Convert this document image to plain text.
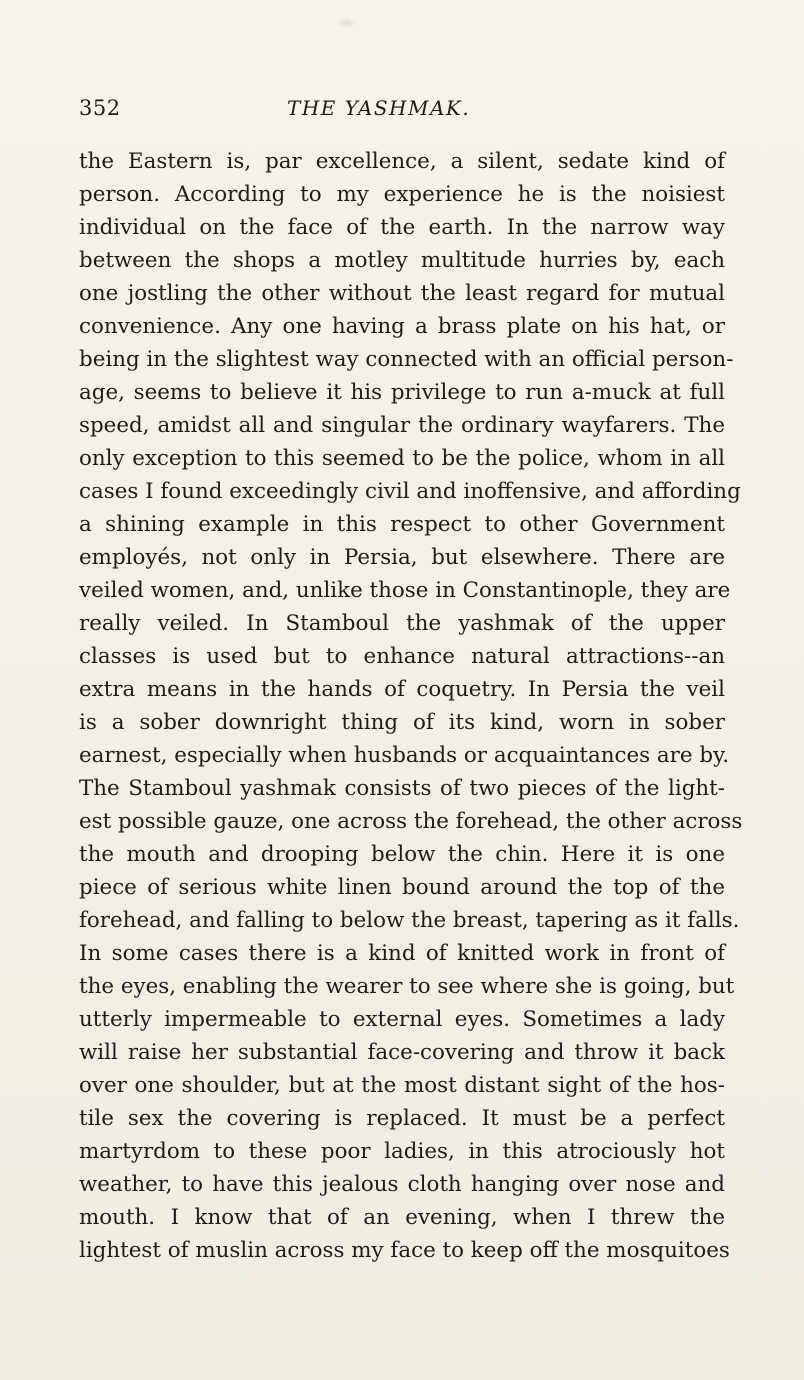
352	THE YASHMAK.
the Eastern is, par excellence, a silent, sedate kind of
person. According to my experience he is the noisiest
individual on the face of the earth. In the narrow way
between the shops a motley multitude hurries by, each
one jostling the other without the least regard for mutual
convenience. Any one having a brass plate on his hat, or
being in the slightest way connected with an official person-
age, seems to believe it his privilege to run a-muck at full
speed, amidst all and singular the ordinary wayfarers. The
only exception to this seemed to be the police, whom in all
cases I found exceedingly civil and inoffensive, and affording
a shining example in this respect to other Government
employés, not only in Persia, but elsewhere. There are
veiled women, and, unlike those in Constantinople, they are
really veiled. In Stamboul the yashmak of the upper
classes is used but to enhance natural attractions--an
extra means in the hands of coquetry. In Persia the veil
is a sober downright thing of its kind, worn in sober
earnest, especially when husbands or acquaintances are by.
The Stamboul yashmak consists of two pieces of the light-
est possible gauze, one across the forehead, the other across
the mouth and drooping below the chin. Here it is one
piece of serious white linen bound around the top of the
forehead, and falling to below the breast, tapering as it falls.
In some cases there is a kind of knitted work in front of
the eyes, enabling the wearer to see where she is going, but
utterly impermeable to external eyes. Sometimes a lady
will raise her substantial face-covering and throw it back
over one shoulder, but at the most distant sight of the hos-
tile sex the covering is replaced. It must be a perfect
martyrdom to these poor ladies, in this atrociously hot
weather, to have this jealous cloth hanging over nose and
mouth. I know that of an evening, when I threw the
lightest of muslin across my face to keep off the mosquitoes
